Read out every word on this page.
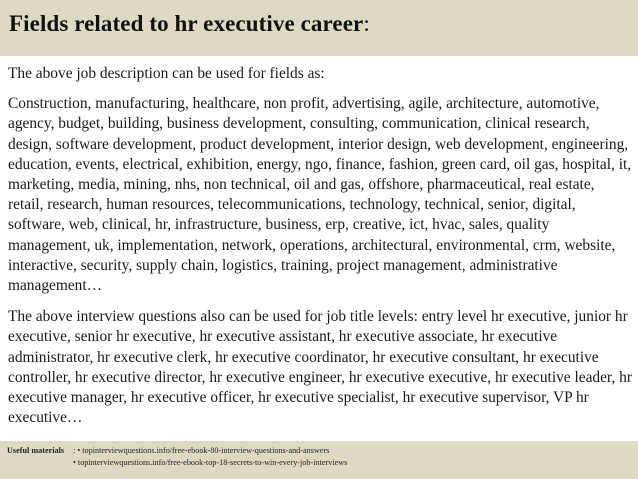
Fields related to hr executive career:

The above job description can be used for fields as:

Construction, manufacturing, healthcare, non profit, advertising, agile, architecture, automotive, agency, budget, building, business development, consulting, communication, clinical research, design, software development, product development, interior design, web development, engineering, education, events, electrical, exhibition, energy, ngo, finance, fashion, green card, oil gas, hospital, it, marketing, media, mining, nhs, non technical, oil and gas, offshore, pharmaceutical, real estate, retail, research, human resources, telecommunications, technology, technical, senior, digital, software, web, clinical, hr, infrastructure, business, erp, creative, ict, hvac, sales, quality management, uk, implementation, network, operations, architectural, environmental, crm, website, interactive, security, supply chain, logistics, training, project management, administrative management…

The above interview questions also can be used for job title levels: entry level hr executive, junior hr executive, senior hr executive, hr executive assistant, hr executive associate, hr executive administrator, hr executive clerk, hr executive coordinator, hr executive consultant, hr executive controller, hr executive director, hr executive engineer, hr executive executive, hr executive leader, hr executive manager, hr executive officer, hr executive specialist, hr executive supervisor, VP hr executive…

Useful materials	: • topinterviewquestions.info/free-ebook-80-interview-questions-and-answers
• topinterviewquestions.info/free-ebook-top-18-secrets-to-win-every-job-interviews
